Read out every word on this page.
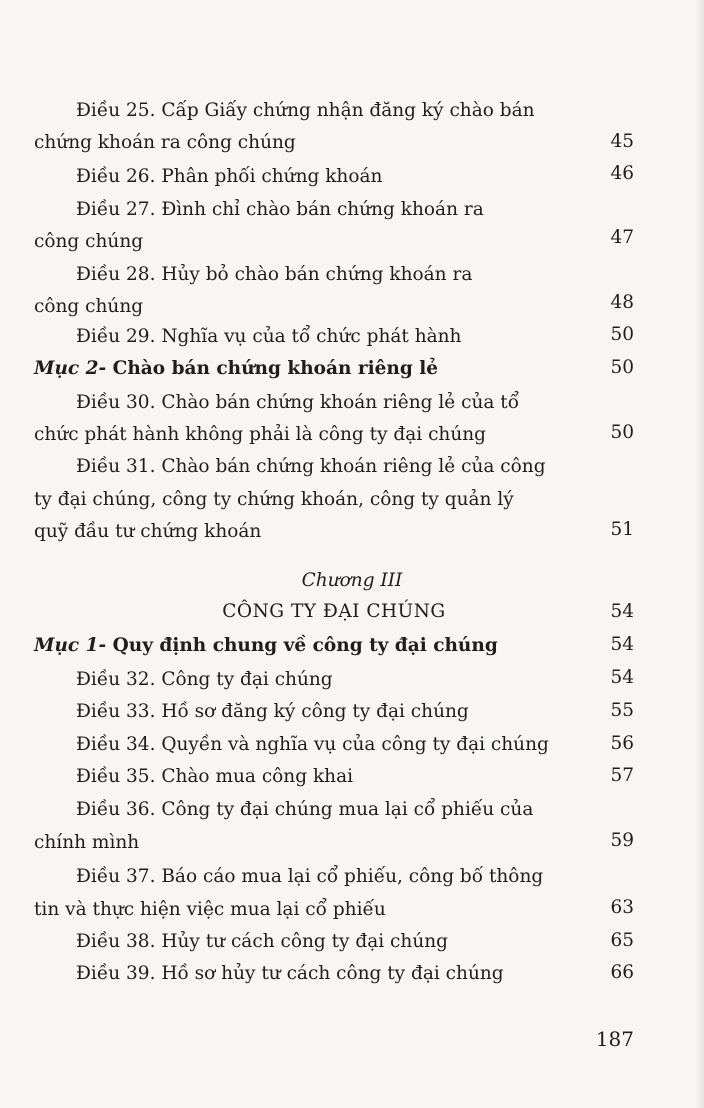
Điều 25. Cấp Giấy chứng nhận đăng ký chào bán
chứng khoán ra công chúng	45
Điều 26. Phân phối chứng khoán	46
Điều 27. Đình chỉ chào bán chứng khoán ra
công chúng	47
Điều 28. Hủy bỏ chào bán chứng khoán ra
công chúng	48
Điều 29. Nghĩa vụ của tổ chức phát hành	50
Mục 2- Chào bán chứng khoán riêng lẻ	50
Điều 30. Chào bán chứng khoán riêng lẻ của tổ
chức phát hành không phải là công ty đại chúng	50
Điều 31. Chào bán chứng khoán riêng lẻ của công
ty đại chúng, công ty chứng khoán, công ty quản lý
quỹ đầu tư chứng khoán	51
Chương III
CÔNG TY ĐẠI CHÚNG	54
Mục 1- Quy định chung về công ty đại chúng	54
Điều 32. Công ty đại chúng	54
Điều 33. Hồ sơ đăng ký công ty đại chúng	55
Điều 34. Quyền và nghĩa vụ của công ty đại chúng	56
Điều 35. Chào mua công khai	57
Điều 36. Công ty đại chúng mua lại cổ phiếu của
chính mình	59
Điều 37. Báo cáo mua lại cổ phiếu, công bố thông
tin và thực hiện việc mua lại cổ phiếu	63
Điều 38. Hủy tư cách công ty đại chúng	65
Điều 39. Hồ sơ hủy tư cách công ty đại chúng	66
187
